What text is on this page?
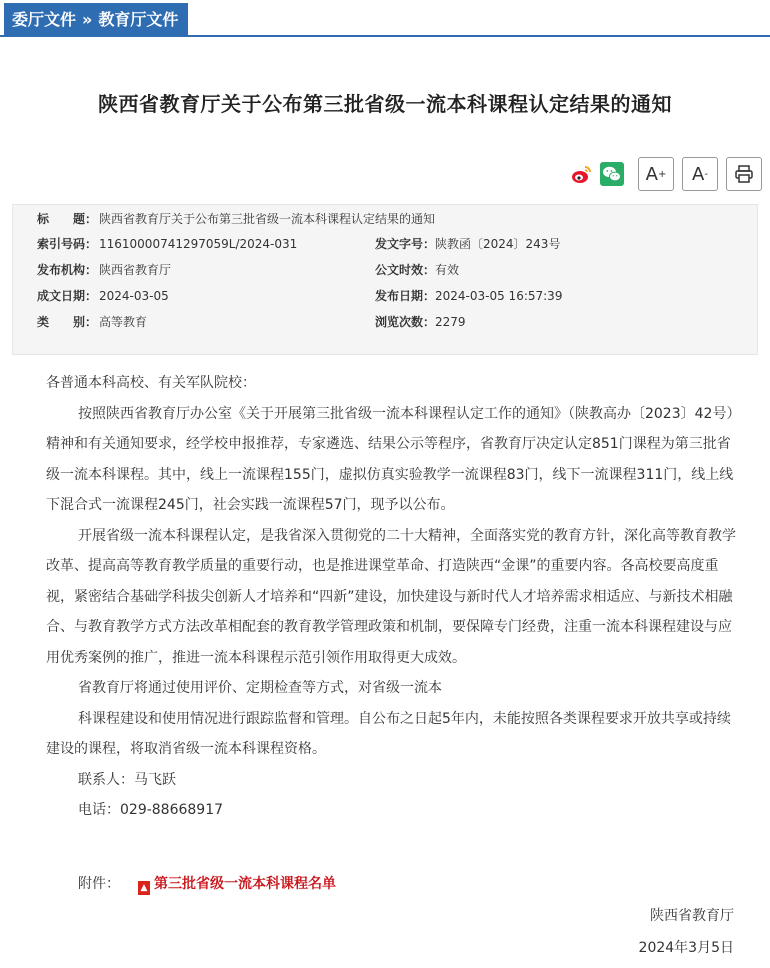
委厅文件 » 教育厅文件
陕西省教育厅关于公布第三批省级一流本科课程认定结果的通知
A + A -
标　　题： 陕西省教育厅关于公布第三批省级一流本科课程认定结果的通知
索引号码： 11610000741297059L/2024-031	发文字号：陕教函〔2024〕243号
发布机构： 陕西省教育厅	公文时效：有效
成文日期： 2024-03-05	发布日期：2024-03-05 16:57:39
类　　别： 高等教育	浏览次数：2279

各普通本科高校、有关军队院校：

按照陕西省教育厅办公室《关于开展第三批省级一流本科课程认定工作的通知》（陕教高办〔2023〕42号）精神和有关通知要求，经学校申报推荐，专家遴选、结果公示等程序，省教育厅决定认定851门课程为第三批省级一流本科课程。其中，线上一流课程155门，虚拟仿真实验教学一流课程83门，线下一流课程311门，线上线下混合式一流课程245门，社会实践一流课程57门，现予以公布。

开展省级一流本科课程认定，是我省深入贯彻党的二十大精神，全面落实党的教育方针，深化高等教育教学改革、提高高等教育教学质量的重要行动，也是推进课堂革命、打造陕西“金课”的重要内容。各高校要高度重视，紧密结合基础学科拔尖创新人才培养和“四新”建设，加快建设与新时代人才培养需求相适应、与新技术相融合、与教育教学方式方法改革相配套的教育教学管理政策和机制，要保障专门经费，注重一流本科课程建设与应用优秀案例的推广，推进一流本科课程示范引领作用取得更大成效。

省教育厅将通过使用评价、定期检查等方式，对省级一流本

科课程建设和使用情况进行跟踪监督和管理。自公布之日起5年内，未能按照各类课程要求开放共享或持续建设的课程，将取消省级一流本科课程资格。

联系人：马飞跃

电话：029-88668917

附件： ▲ 第三批省级一流本科课程名单
陕西省教育厅
2024年3月5日
